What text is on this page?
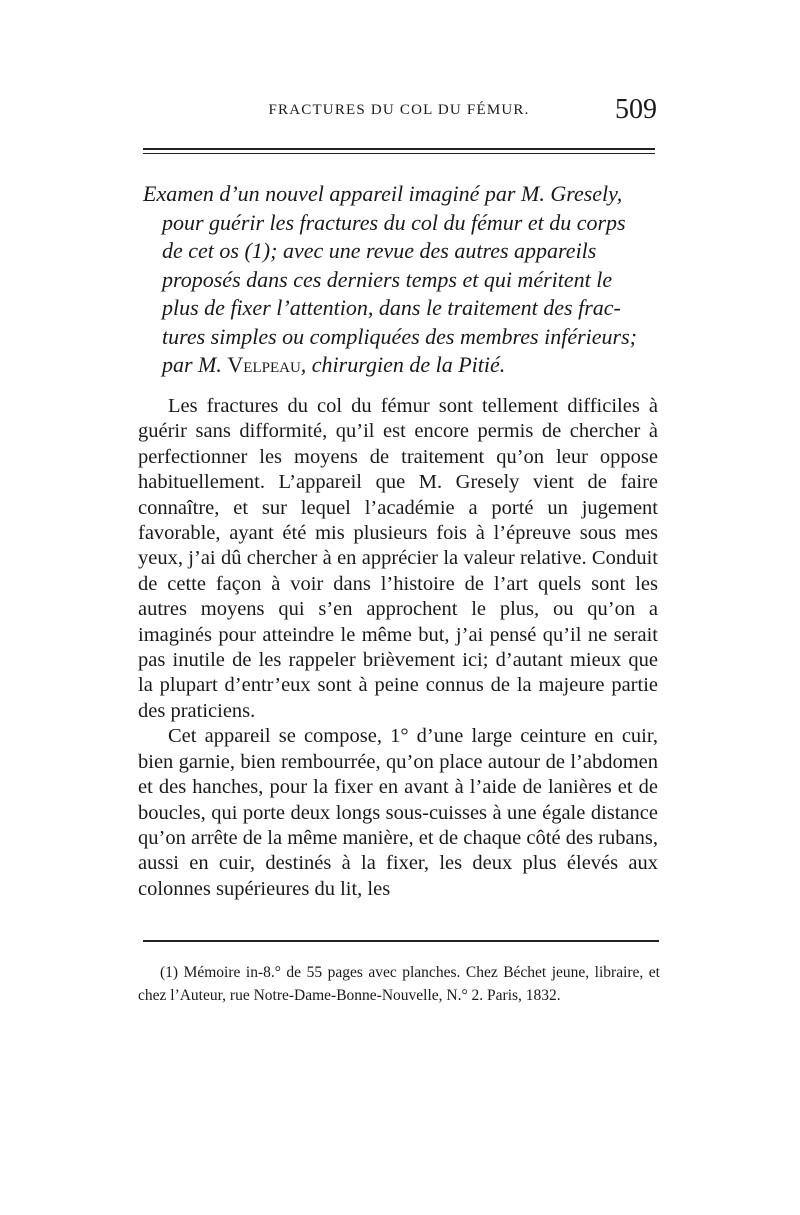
FRACTURES DU COL DU FÉMUR.	509
Examen d’un nouvel appareil imaginé par M. Gresely,
pour guérir les fractures du col du fémur et du corps
de cet os (1); avec une revue des autres appareils
proposés dans ces derniers temps et qui méritent le
plus de fixer l’attention, dans le traitement des frac-
tures simples ou compliquées des membres inférieurs;
par M. Velpeau, chirurgien de la Pitié.

Les fractures du col du fémur sont tellement difficiles à guérir sans difformité, qu’il est encore permis de chercher à perfectionner les moyens de traitement qu’on leur oppose habituellement. L’appareil que M. Gresely vient de faire connaître, et sur lequel l’académie a porté un jugement favorable, ayant été mis plusieurs fois à l’épreuve sous mes yeux, j’ai dû chercher à en apprécier la valeur relative. Conduit de cette façon à voir dans l’histoire de l’art quels sont les autres moyens qui s’en approchent le plus, ou qu’on a imaginés pour atteindre le même but, j’ai pensé qu’il ne serait pas inutile de les rappeler brièvement ici; d’autant mieux que la plupart d’entr’eux sont à peine connus de la majeure partie des praticiens.

Cet appareil se compose, 1° d’une large ceinture en cuir, bien garnie, bien rembourrée, qu’on place autour de l’abdomen et des hanches, pour la fixer en avant à l’aide de lanières et de boucles, qui porte deux longs sous-cuisses à une égale distance qu’on arrête de la même manière, et de chaque côté des rubans, aussi en cuir, destinés à la fixer, les deux plus élevés aux colonnes supérieures du lit, les

(1) Mémoire in-8.° de 55 pages avec planches. Chez Béchet jeune, libraire, et chez l’Auteur, rue Notre-Dame-Bonne-Nouvelle, N.° 2. Paris, 1832.
